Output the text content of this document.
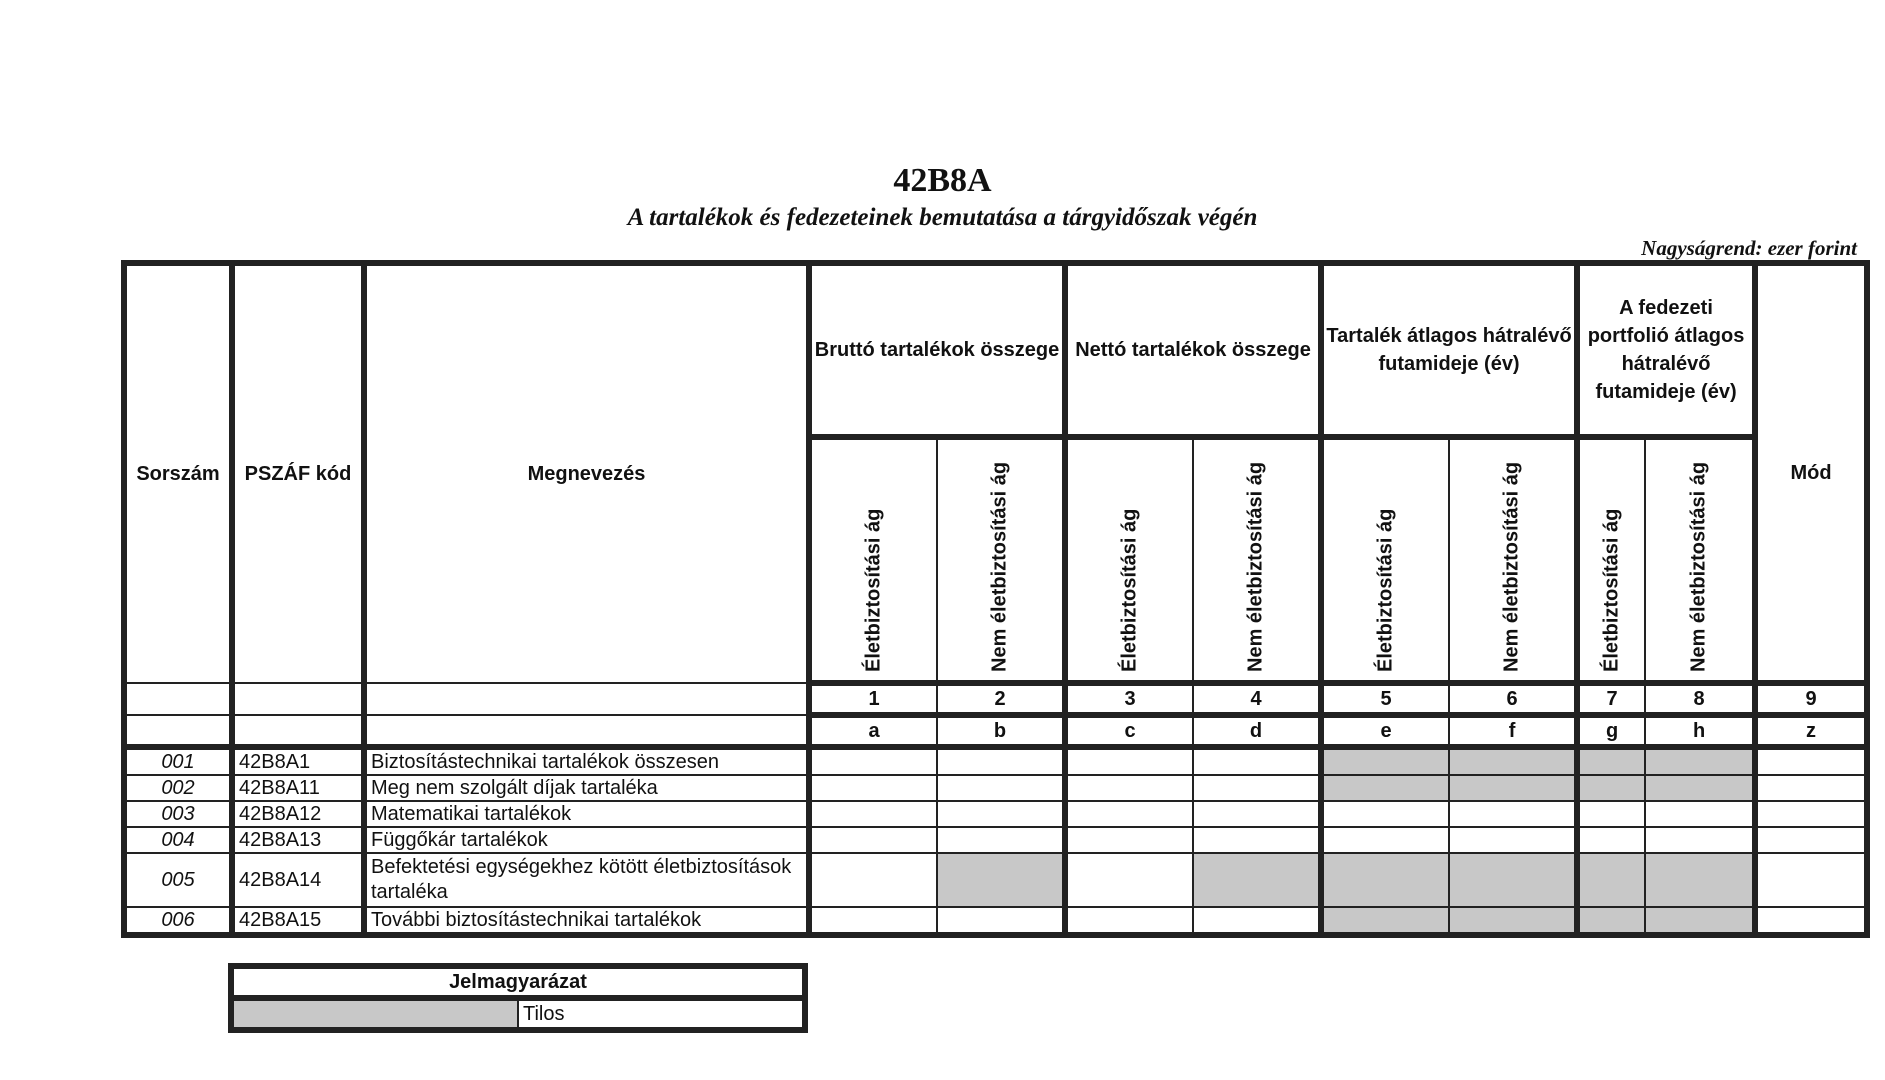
42B8A
A tartalékok és fedezeteinek bemutatása a tárgyidőszak végén
Nagyságrend: ezer forint
Sorszám	PSZÁF kód	Megnevezés	Bruttó tartalékok összege		Nettó tartalékok összege		Tartalék átlagos hátralévő futamideje (év)		A fedezeti portfolió átlagos hátralévő futamideje (év)		Mód

			Életbiztosítási ág	Nem életbiztosítási ág	Életbiztosítási ág	Nem életbiztosítási ág	Életbiztosítási ág	Nem életbiztosítási ág	Életbiztosítási ág	Nem életbiztosítási ág	

			1	2	3	4	5	6	7	8	9
			a	b	c	d	e	f	g	h	z
001	42B8A1	Biztosítástechnikai tartalékok összesen									
002	42B8A11	Meg nem szolgált díjak tartaléka									
003	42B8A12	Matematikai tartalékok									
004	42B8A13	Függőkár tartalékok									
005	42B8A14	Befektetési egységekhez kötött életbiztosítások tartaléka									
006	42B8A15	További biztosítástechnikai tartalékok									
Jelmagyarázat
	Tilos
